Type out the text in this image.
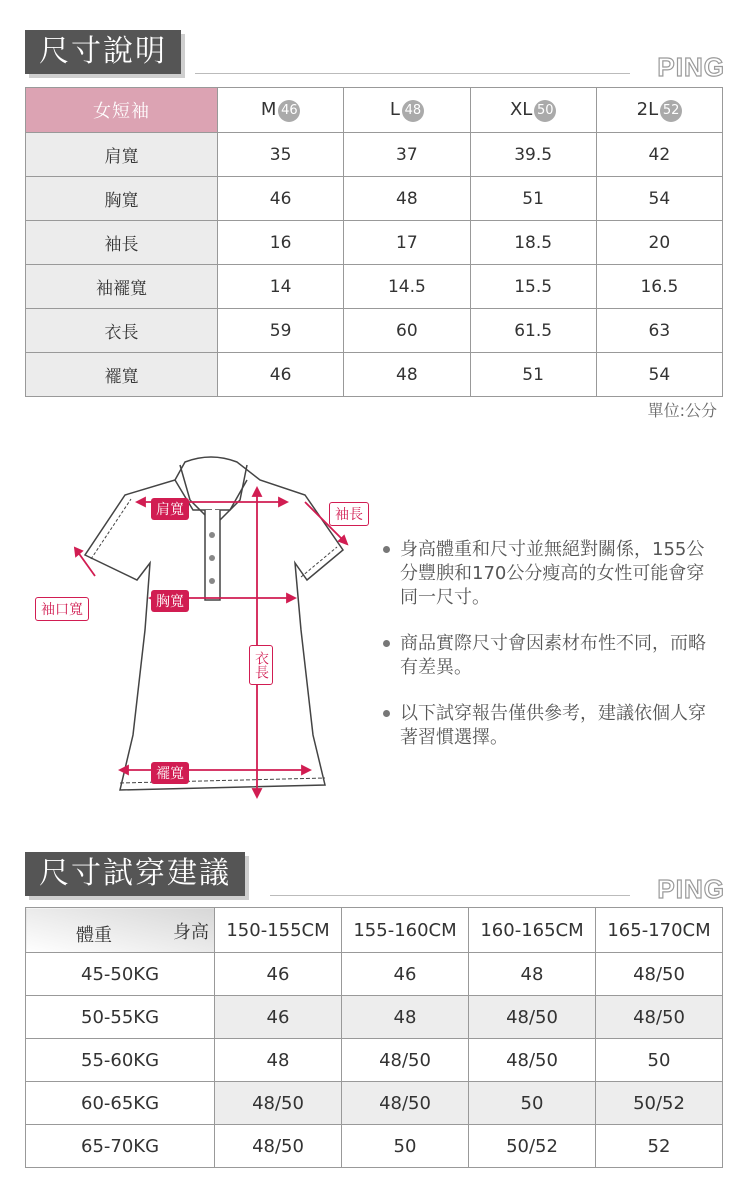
尺寸說明	PING
女短袖	M 46	L 48	XL 50	2L 52
肩寬	35	37	39.5	42
胸寬	46	48	51	54
袖長	16	17	18.5	20
袖襬寬	14	14.5	15.5	16.5
衣長	59	60	61.5	63
襬寬	46	48	51	54
單位:公分
肩寬	袖長
胸寬
袖口寬
衣長
襬寬
身高體重和尺寸並無絕對關係，155公分豐腴和170公分瘦高的女性可能會穿同一尺寸。
商品實際尺寸會因素材布性不同，而略有差異。
以下試穿報告僅供參考，建議依個人穿著習慣選擇。
尺寸試穿建議	PING
身高
體重	150-155CM	155-160CM	160-165CM	165-170CM
45-50KG	46	46	48	48/50
50-55KG	46	48	48/50	48/50
55-60KG	48	48/50	48/50	50
60-65KG	48/50	48/50	50	50/52
65-70KG	48/50	50	50/52	52
